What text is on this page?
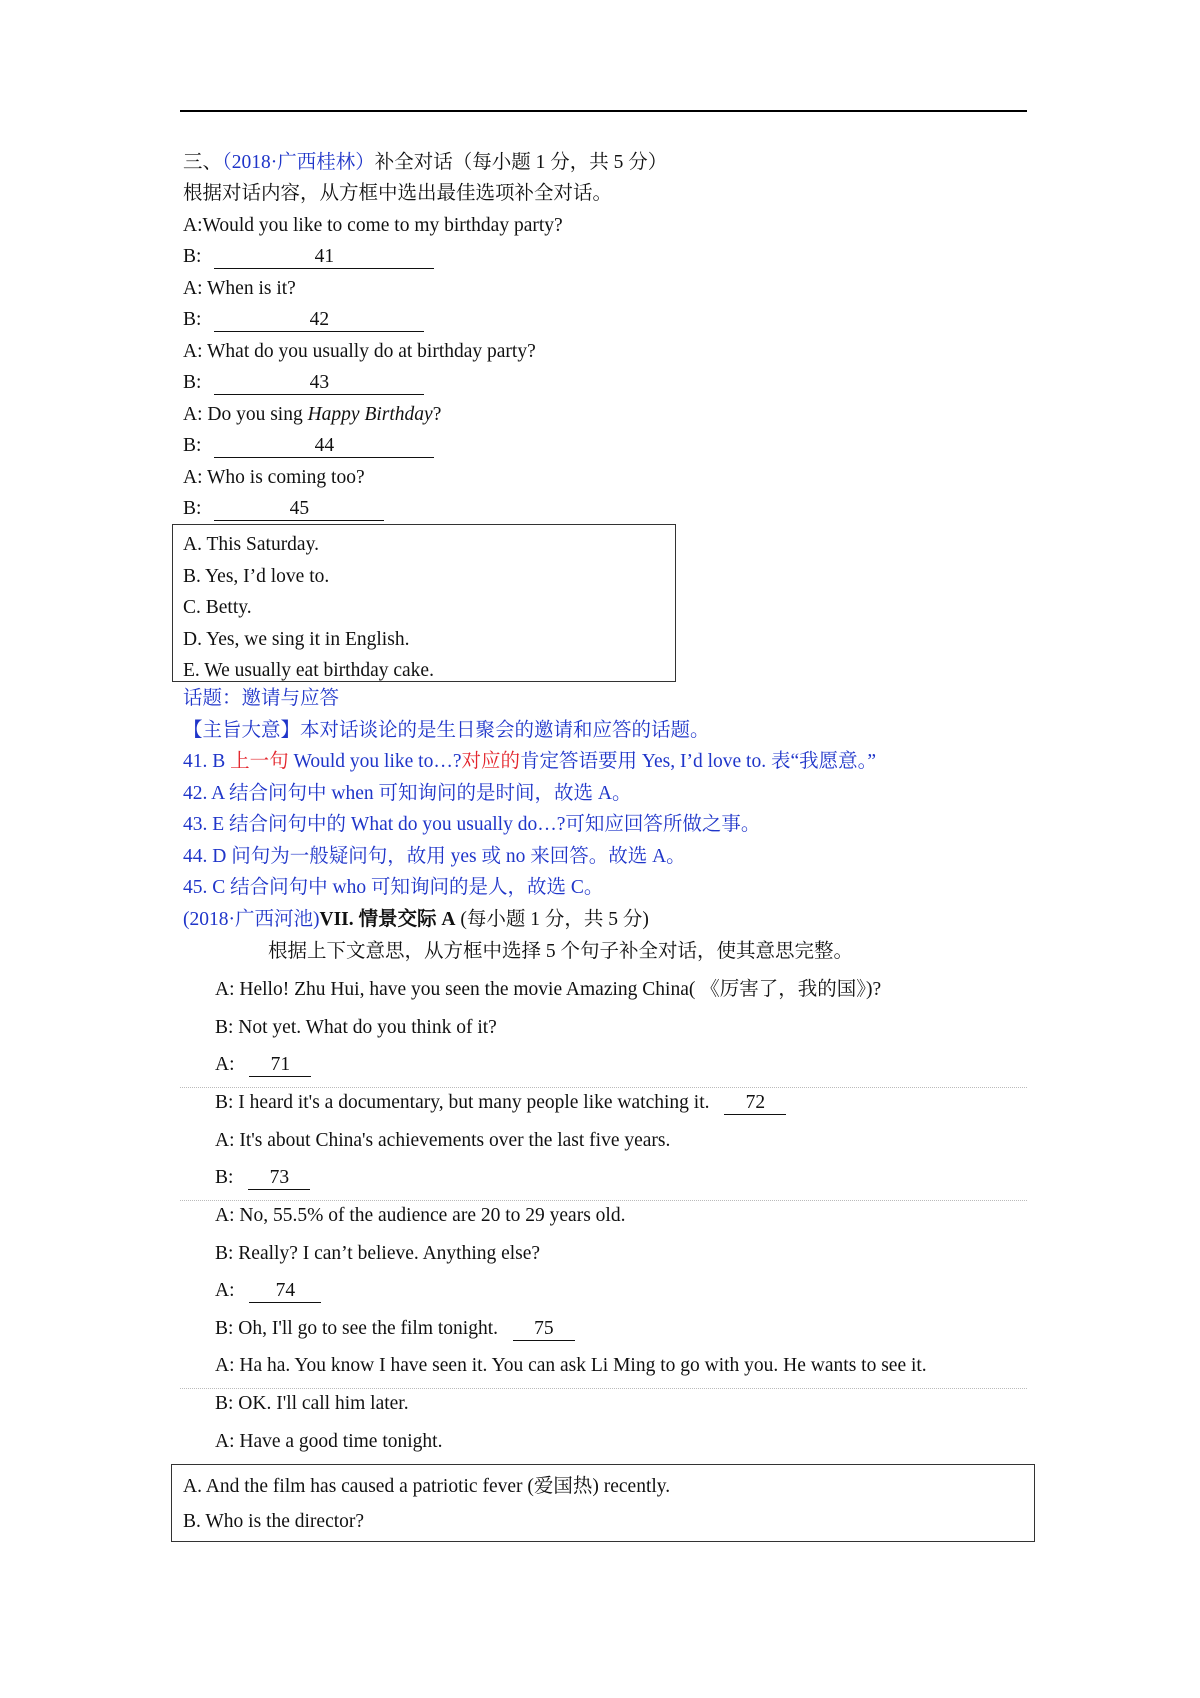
三、（2018·广西桂林）补全对话（每小题 1 分，共 5 分）
根据对话内容，从方框中选出最佳选项补全对话。
A:Would you like to come to my birthday party?
B:	41
A: When is it?
B:	42
A: What do you usually do at birthday party?
B:	43
A: Do you sing Happy Birthday?
B:	44
A: Who is coming too?
B:	45
A. This Saturday.
B. Yes, I’d love to.
C. Betty.
D. Yes, we sing it in English.
E. We usually eat birthday cake.
话题：邀请与应答
【主旨大意】本对话谈论的是生日聚会的邀请和应答的话题。
41. B 上一句 Would you like to…?对应的肯定答语要用 Yes, I’d love to. 表“我愿意。”
42. A 结合问句中 when 可知询问的是时间，故选 A。
43. E 结合问句中的 What do you usually do…?可知应回答所做之事。
44. D 问句为一般疑问句，故用 yes 或 no 来回答。故选 A。
45. C 结合问句中 who 可知询问的是人，故选 C。
(2018·广西河池)VII. 情景交际 A (每小题 1 分，共 5 分)
根据上下文意思，从方框中选择 5 个句子补全对话，使其意思完整。
A: Hello! Zhu Hui, have you seen the movie Amazing China( 《厉害了，我的国》)?
B: Not yet. What do you think of it?
A: 71
B: I heard it's a documentary, but many people like watching it. 72
A: It's about China's achievements over the last five years.
B: 73
A: No, 55.5% of the audience are 20 to 29 years old.
B: Really? I can’t believe. Anything else?
A: 74
B: Oh, I'll go to see the film tonight. 75
A: Ha ha. You know I have seen it. You can ask Li Ming to go with you. He wants to see it.
B: OK. I'll call him later.
A: Have a good time tonight.
A. And the film has caused a patriotic fever (爱国热) recently.
B. Who is the director?
